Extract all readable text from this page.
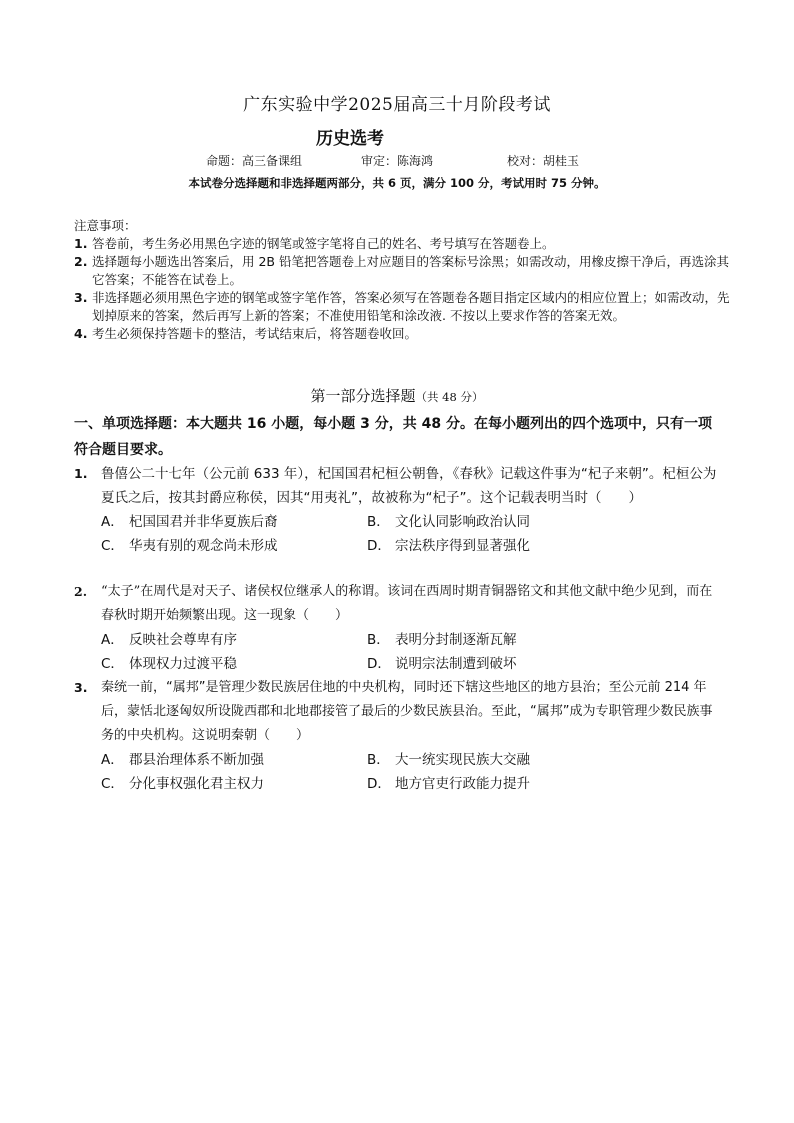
广东实验中学2025届高三十月阶段考试
历史选考
命题：高三备课组	审定：陈海鸿	校对：胡桂玉
本试卷分选择题和非选择题两部分，共 6 页，满分 100 分，考试用时 75 分钟。
注意事项：
1. 答卷前，考生务必用黑色字迹的钢笔或签字笔将自己的姓名、考号填写在答题卷上。
2. 选择题每小题选出答案后，用 2B 铅笔把答题卷上对应题目的答案标号涂黑；如需改动，用橡皮擦干净后，再选涂其它答案；不能答在试卷上。
3. 非选择题必须用黑色字迹的钢笔或签字笔作答，答案必须写在答题卷各题目指定区域内的相应位置上；如需改动，先划掉原来的答案，然后再写上新的答案；不准使用铅笔和涂改液. 不按以上要求作答的答案无效。
4. 考生必须保持答题卡的整洁，考试结束后，将答题卷收回。
第一部分选择题（共 48 分）
一、单项选择题：本大题共 16 小题，每小题 3 分，共 48 分。在每小题列出的四个选项中，只有一项符合题目要求。
1.	鲁僖公二十七年（公元前 633 年），杞国国君杞桓公朝鲁，《春秋》记载这件事为“杞子来朝”。杞桓公为夏氏之后，按其封爵应称侯，因其“用夷礼”，故被称为“杞子”。这个记载表明当时（　　）
A． 杞国国君并非华夏族后裔	B． 文化认同影响政治认同
C． 华夷有别的观念尚未形成	D． 宗法秩序得到显著强化
2.	“太子”在周代是对天子、诸侯权位继承人的称谓。该词在西周时期青铜器铭文和其他文献中绝少见到，而在春秋时期开始频繁出现。这一现象（　　）
A． 反映社会尊卑有序	B． 表明分封制逐渐瓦解
C． 体现权力过渡平稳	D． 说明宗法制遭到破坏
3.	秦统一前，“属邦”是管理少数民族居住地的中央机构，同时还下辖这些地区的地方县治；至公元前 214 年后，蒙恬北逐匈奴所设陇西郡和北地郡接管了最后的少数民族县治。至此，“属邦”成为专职管理少数民族事务的中央机构。这说明秦朝（　　）
A． 郡县治理体系不断加强	B． 大一统实现民族大交融
C． 分化事权强化君主权力	D． 地方官吏行政能力提升
